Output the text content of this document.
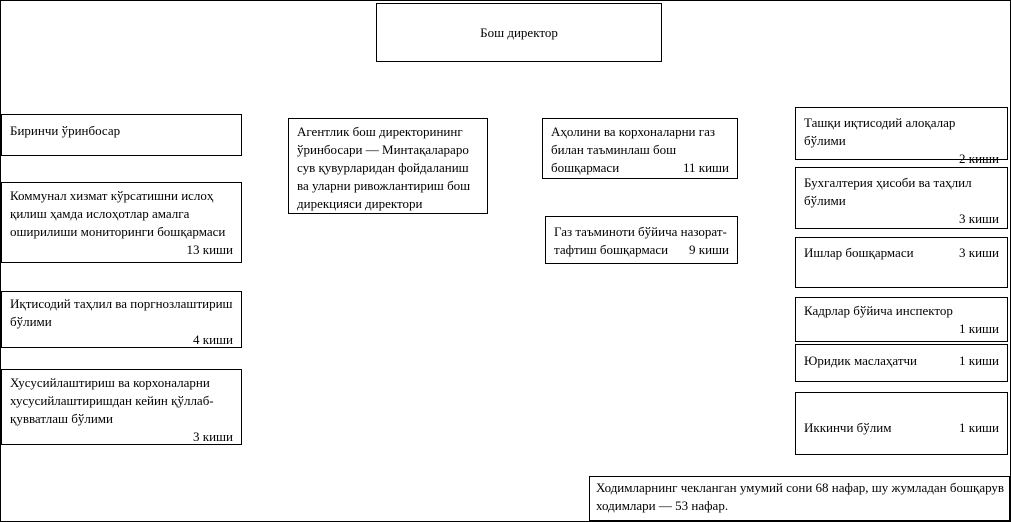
Бош директор
Биринчи ўринбосар
Коммунал хизмат кўрсатишни ислоҳ қилиш ҳамда ислоҳотлар амалга оширилиши мониторинги бошқармаси
13 киши
Иқтисодий таҳлил ва поргнозлаштириш бўлими
4 киши
Хусусийлаштириш ва корхоналарни хусусийлаштиришдан кейин қўллаб-қувватлаш бўлими
3 киши
Агентлик бош директорининг ўринбосари — Минтақалараро сув қувурларидан фойдаланиш ва уларни ривожлантириш бош дирекцияси директори
Аҳолини ва корхоналарни газ билан таъминлаш бош бошқармаси	11 киши
Газ таъминоти бўйича назорат-тафтиш бошқармаси 9 киши
Ташқи иқтисодий алоқалар бўлими
2 киши
Бухгалтерия ҳисоби ва таҳлил бўлими
3 киши
Ишлар бошқармаси	3 киши
Кадрлар бўйича инспектор
1 киши
Юридик маслаҳатчи	1 киши
Иккинчи бўлим	1 киши
Ходимларнинг чекланган умумий сони 68 нафар, шу жумладан бошқарув ходимлари — 53 нафар.
